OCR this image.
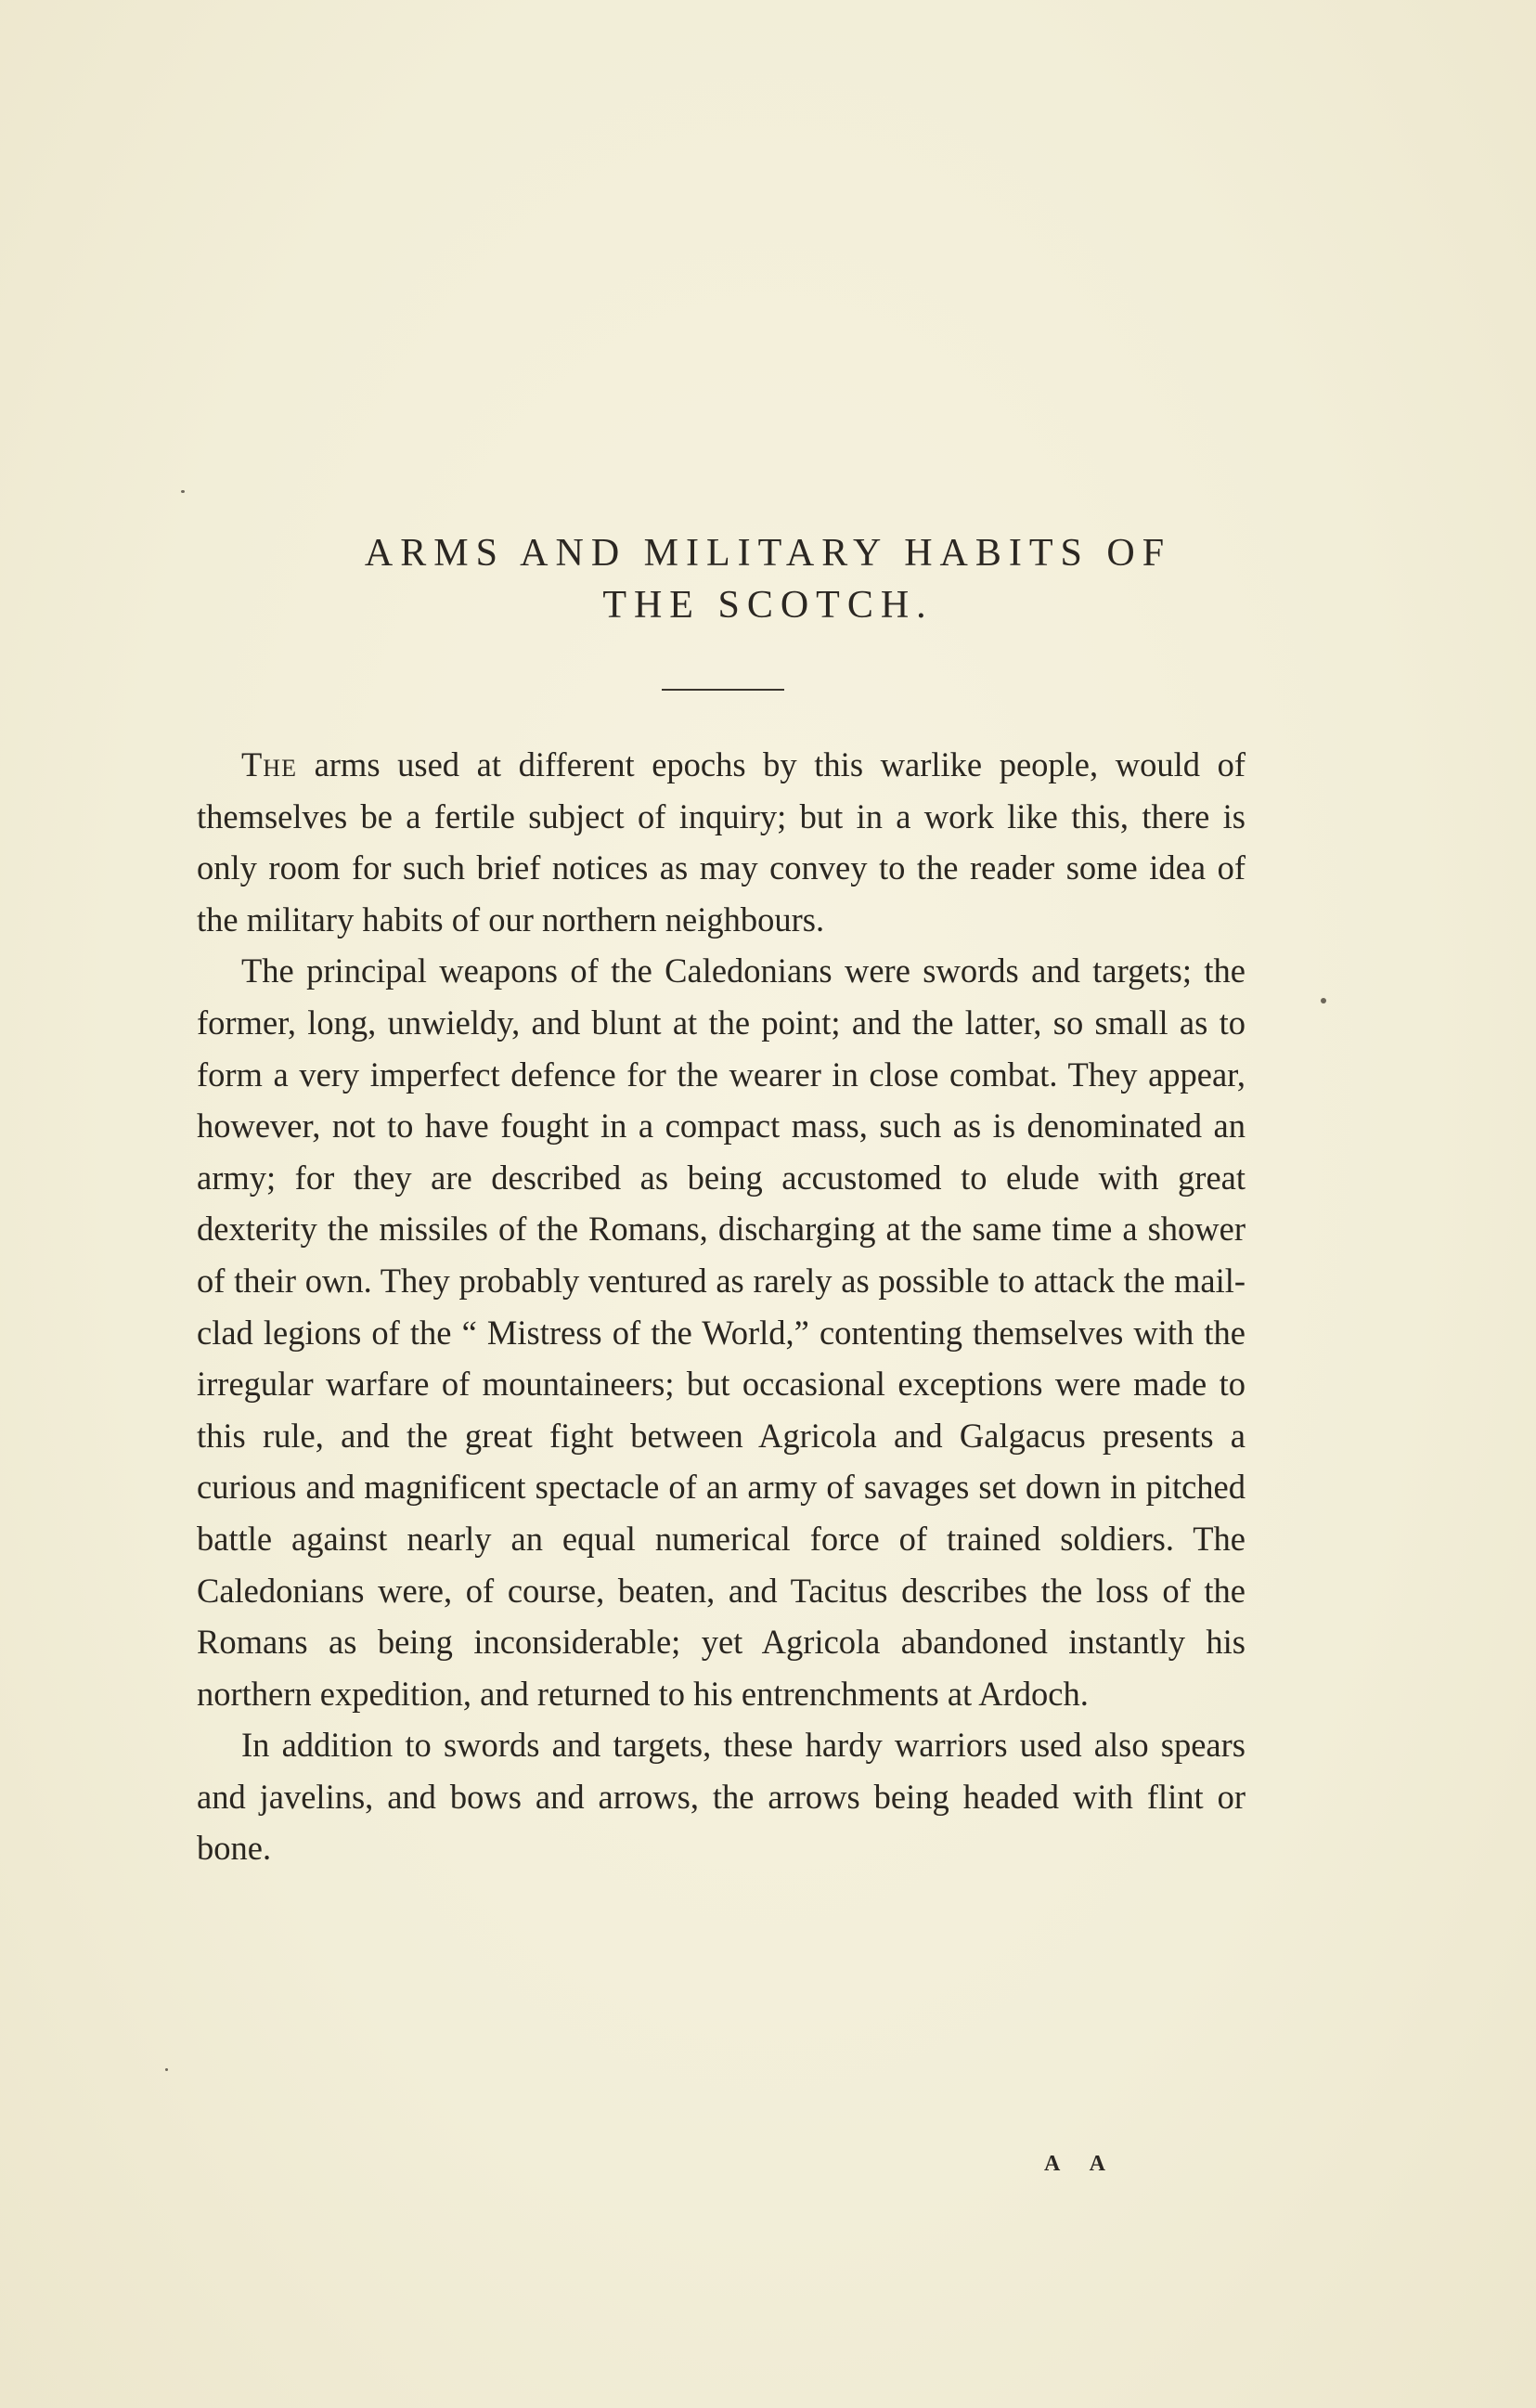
ARMS AND MILITARY HABITS OF
THE SCOTCH.

The arms used at different epochs by this warlike people, would of themselves be a fertile subject of inquiry; but in a work like this, there is only room for such brief notices as may convey to the reader some idea of the military habits of our northern neighbours.

The principal weapons of the Caledonians were swords and targets; the former, long, unwieldy, and blunt at the point; and the latter, so small as to form a very imperfect defence for the wearer in close combat. They appear, however, not to have fought in a compact mass, such as is denominated an army; for they are described as being accustomed to elude with great dexterity the missiles of the Romans, discharging at the same time a shower of their own. They probably ventured as rarely as possible to attack the mail-clad legions of the “ Mistress of the World,” contenting themselves with the irregular warfare of mountaineers; but occasional exceptions were made to this rule, and the great fight between Agricola and Galgacus presents a curious and magnificent spectacle of an army of savages set down in pitched battle against nearly an equal numerical force of trained soldiers. The Caledonians were, of course, beaten, and Tacitus describes the loss of the Romans as being inconsiderable; yet Agricola abandoned instantly his northern expedition, and returned to his entrenchments at Ardoch.

In addition to swords and targets, these hardy warriors used also spears and javelins, and bows and arrows, the arrows being headed with flint or bone.

A A
